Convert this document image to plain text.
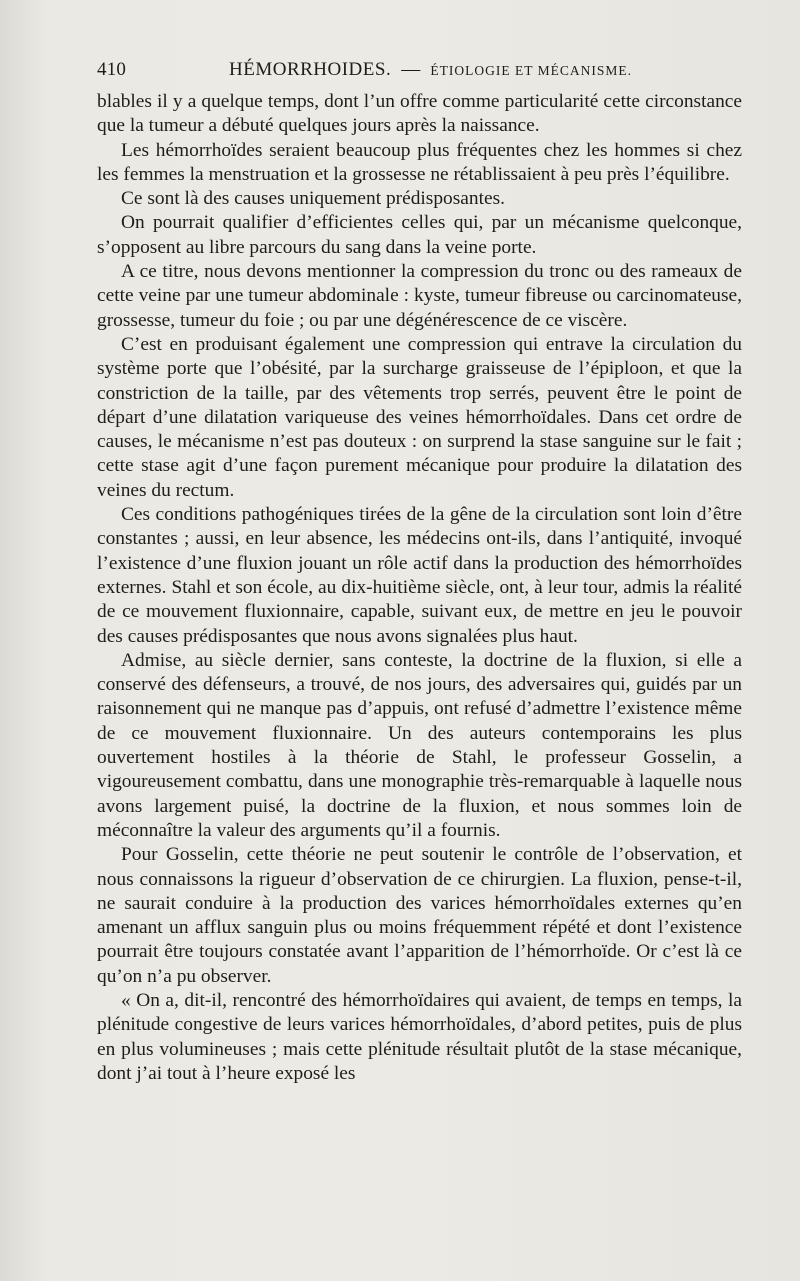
410	HÉMORRHOIDES. — ÉTIOLOGIE ET MÉCANISME.

blables il y a quelque temps, dont l’un offre comme particularité cette circonstance que la tumeur a débuté quelques jours après la naissance.

Les hémorrhoïdes seraient beaucoup plus fréquentes chez les hommes si chez les femmes la menstruation et la grossesse ne rétablissaient à peu près l’équilibre.

Ce sont là des causes uniquement prédisposantes.

On pourrait qualifier d’efficientes celles qui, par un mécanisme quelconque, s’opposent au libre parcours du sang dans la veine porte.

A ce titre, nous devons mentionner la compression du tronc ou des rameaux de cette veine par une tumeur abdominale : kyste, tumeur fibreuse ou carcinomateuse, grossesse, tumeur du foie ; ou par une dégénérescence de ce viscère.

C’est en produisant également une compression qui entrave la circulation du système porte que l’obésité, par la surcharge graisseuse de l’épiploon, et que la constriction de la taille, par des vêtements trop serrés, peuvent être le point de départ d’une dilatation variqueuse des veines hémorrhoïdales. Dans cet ordre de causes, le mécanisme n’est pas douteux : on surprend la stase sanguine sur le fait ; cette stase agit d’une façon purement mécanique pour produire la dilatation des veines du rectum.

Ces conditions pathogéniques tirées de la gêne de la circulation sont loin d’être constantes ; aussi, en leur absence, les médecins ont-ils, dans l’antiquité, invoqué l’existence d’une fluxion jouant un rôle actif dans la production des hémorrhoïdes externes. Stahl et son école, au dix-huitième siècle, ont, à leur tour, admis la réalité de ce mouvement fluxionnaire, capable, suivant eux, de mettre en jeu le pouvoir des causes prédisposantes que nous avons signalées plus haut.

Admise, au siècle dernier, sans conteste, la doctrine de la fluxion, si elle a conservé des défenseurs, a trouvé, de nos jours, des adversaires qui, guidés par un raisonnement qui ne manque pas d’appuis, ont refusé d’admettre l’existence même de ce mouvement fluxionnaire. Un des auteurs contemporains les plus ouvertement hostiles à la théorie de Stahl, le professeur Gosselin, a vigoureusement combattu, dans une monographie très-remarquable à laquelle nous avons largement puisé, la doctrine de la fluxion, et nous sommes loin de méconnaître la valeur des arguments qu’il a fournis.

Pour Gosselin, cette théorie ne peut soutenir le contrôle de l’observation, et nous connaissons la rigueur d’observation de ce chirurgien. La fluxion, pense-t-il, ne saurait conduire à la production des varices hémorrhoïdales externes qu’en amenant un afflux sanguin plus ou moins fréquemment répété et dont l’existence pourrait être toujours constatée avant l’apparition de l’hémorrhoïde. Or c’est là ce qu’on n’a pu observer.

« On a, dit-il, rencontré des hémorrhoïdaires qui avaient, de temps en temps, la plénitude congestive de leurs varices hémorrhoïdales, d’abord petites, puis de plus en plus volumineuses ; mais cette plénitude résultait plutôt de la stase mécanique, dont j’ai tout à l’heure exposé les
